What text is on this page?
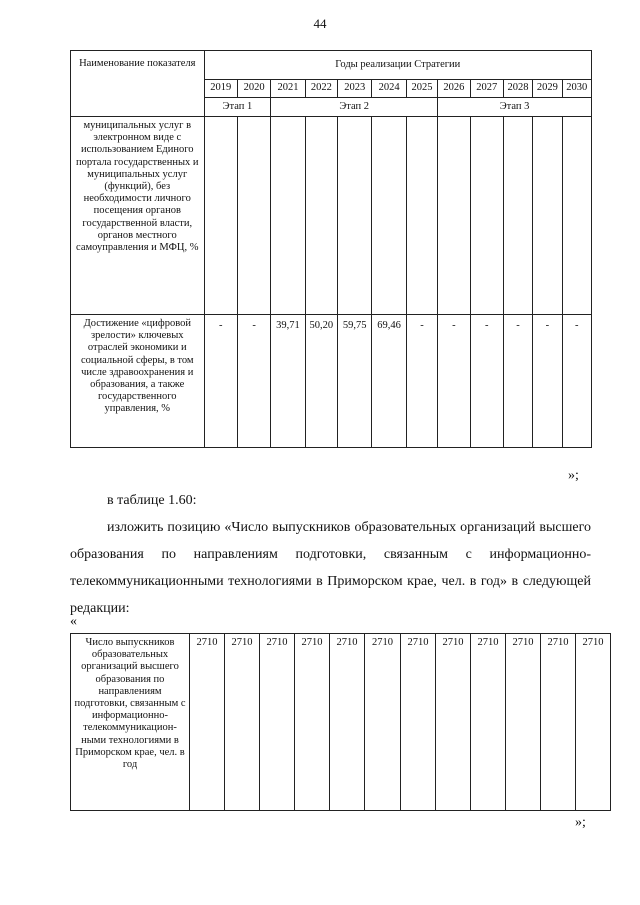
44
Наименование показателя	Годы реализации Стратегии											
	2019	2020	2021	2022	2023	2024	2025	2026	2027	2028	2029	2030
	Этап 1		Этап 2					Этап 3				
муниципальных услуг в электронном виде с использованием Единого портала государственных и муниципальных услуг (функций), без необходимости личного посещения органов государственной власти, органов местного самоуправления и МФЦ, %												
Достижение «цифровой зрелости» ключевых отраслей экономики и социальной сферы, в том числе здравоохранения и образования, а также государственного управления, %	-	-	39,71	50,20	59,75	69,46	-	-	-	-	-	-
»;
в таблице 1.60:
изложить позицию «Число выпускников образовательных организаций высшего образования по направлениям подготовки, связанным с информационно-телекоммуникационными технологиями в Приморском крае, чел. в год» в следующей редакции:
«
Число выпускников образовательных организаций высшего образования по направлениям подготовки, связанным с информационно-телекоммуникацион-ными технологиями в Приморском крае, чел. в год	2710	2710	2710	2710	2710	2710	2710	2710	2710	2710	2710	2710
»;
